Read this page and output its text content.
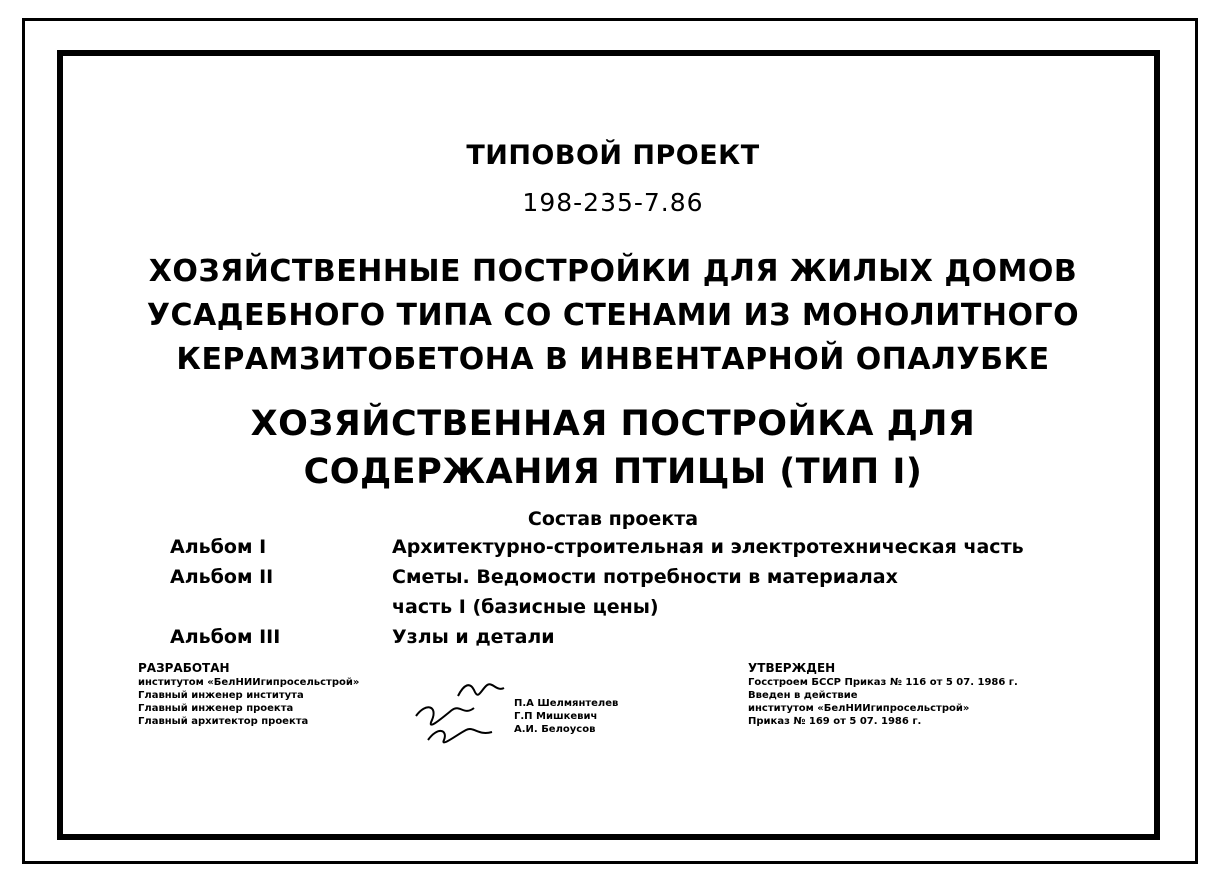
ТИПОВОЙ ПРОЕКТ
198-235-7.86
ХОЗЯЙСТВЕННЫЕ ПОСТРОЙКИ ДЛЯ ЖИЛЫХ ДОМОВ
УСАДЕБНОГО ТИПА СО СТЕНАМИ ИЗ МОНОЛИТНОГО
КЕРАМЗИТОБЕТОНА В ИНВЕНТАРНОЙ ОПАЛУБКЕ
ХОЗЯЙСТВЕННАЯ ПОСТРОЙКА ДЛЯ
СОДЕРЖАНИЯ ПТИЦЫ (ТИП I)
Состав проекта
Альбом I	Архитектурно-строительная и электротехническая часть
Альбом II	Сметы. Ведомости потребности в материалах
часть I (базисные цены)
Альбом III	Узлы и детали
РАЗРАБОТАН
институтом «БелНИИгипросельстрой»
Главный инженер института
Главный инженер проекта
Главный архитектор проекта
П.А Шелмянтелев
Г.П Мишкевич
А.И. Белоусов
УТВЕРЖДЕН
Госстроем БССР Приказ № 116 от 5 07. 1986 г.
Введен в действие
институтом «БелНИИгипросельстрой»
Приказ № 169 от 5 07. 1986 г.
